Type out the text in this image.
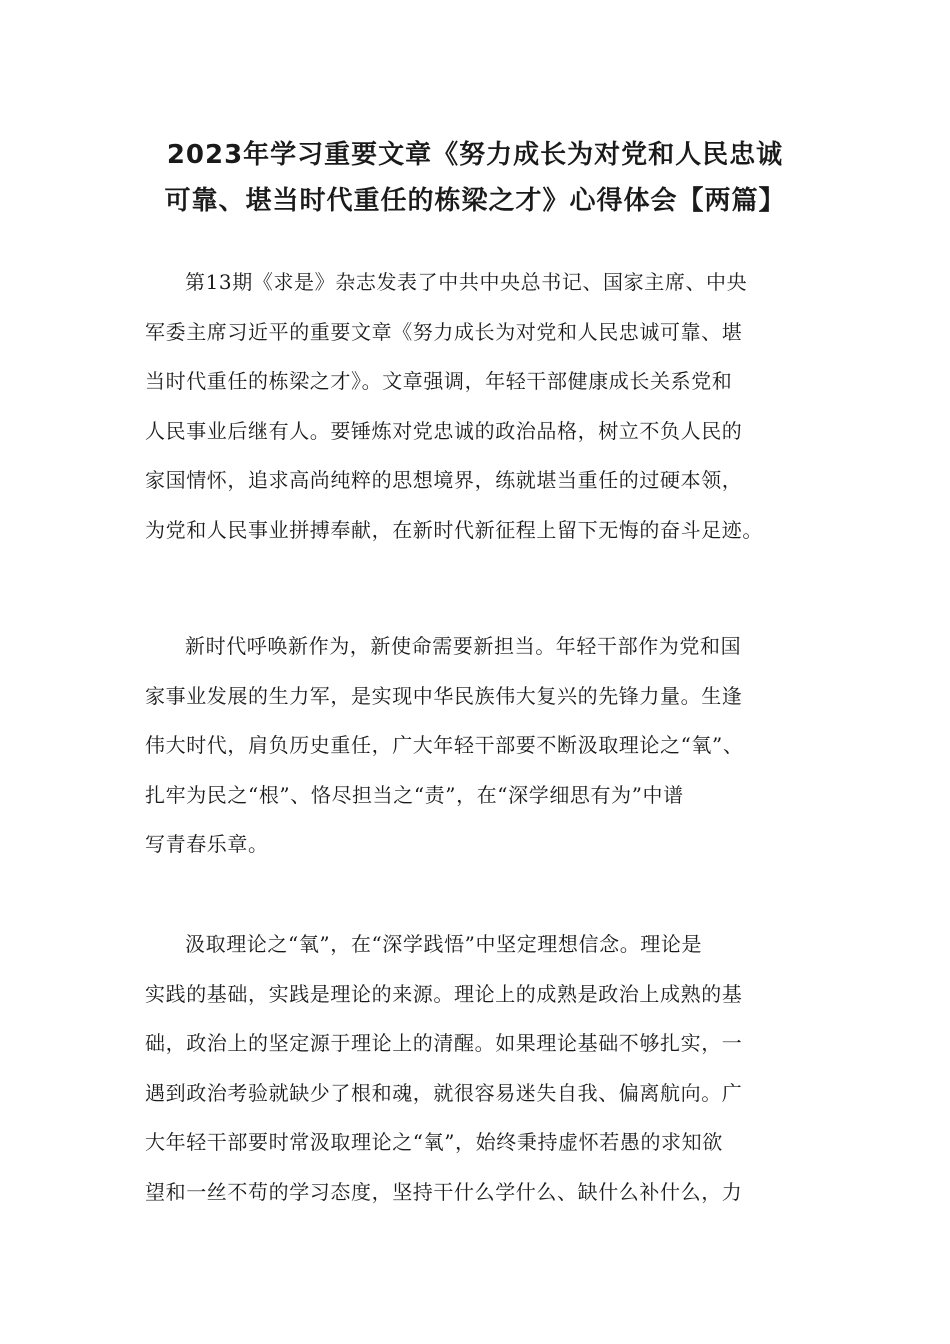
2023年学习重要文章《努力成长为对党和人民忠诚
可靠、堪当时代重任的栋梁之才》心得体会【两篇】
第13期《求是》杂志发表了中共中央总书记、国家主席、中央
军委主席习近平的重要文章《努力成长为对党和人民忠诚可靠、堪
当时代重任的栋梁之才》。文章强调，年轻干部健康成长关系党和
人民事业后继有人。要锤炼对党忠诚的政治品格，树立不负人民的
家国情怀，追求高尚纯粹的思想境界，练就堪当重任的过硬本领，
为党和人民事业拼搏奉献，在新时代新征程上留下无悔的奋斗足迹。
新时代呼唤新作为，新使命需要新担当。年轻干部作为党和国
家事业发展的生力军，是实现中华民族伟大复兴的先锋力量。生逢
伟大时代，肩负历史重任，广大年轻干部要不断汲取理论之“氧”、
扎牢为民之“根”、恪尽担当之“责”，在“深学细思有为”中谱
写青春乐章。
汲取理论之“氧”，在“深学践悟”中坚定理想信念。理论是
实践的基础，实践是理论的来源。理论上的成熟是政治上成熟的基
础，政治上的坚定源于理论上的清醒。如果理论基础不够扎实，一
遇到政治考验就缺少了根和魂，就很容易迷失自我、偏离航向。广
大年轻干部要时常汲取理论之“氧”，始终秉持虚怀若愚的求知欲
望和一丝不苟的学习态度，坚持干什么学什么、缺什么补什么，力
